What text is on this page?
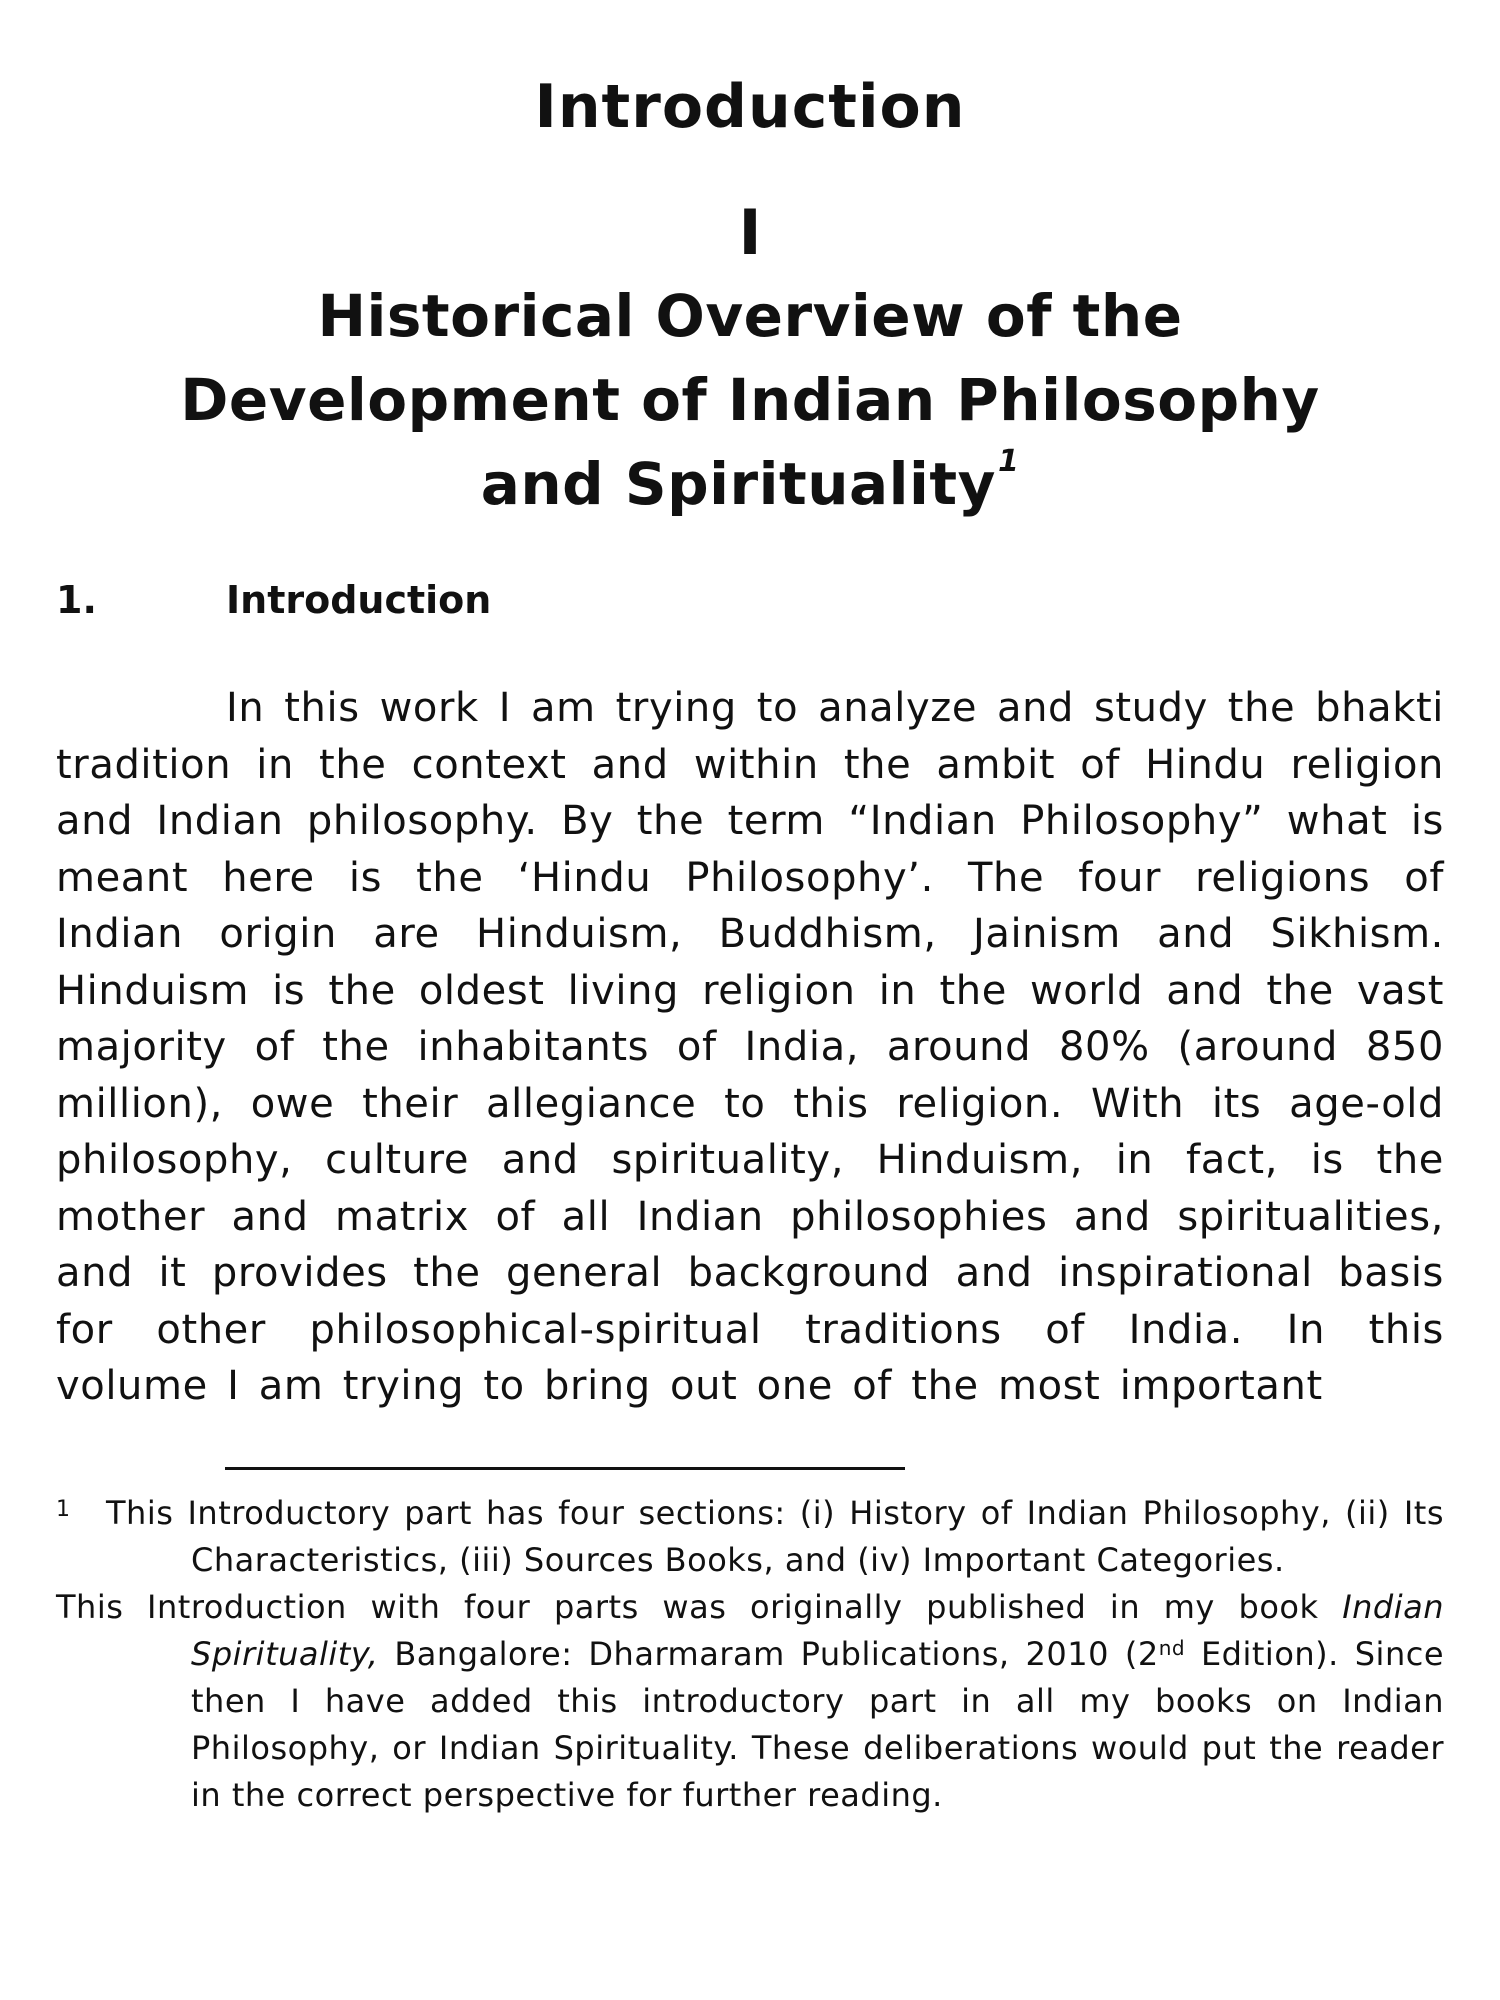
Introduction
I
Historical Overview of the
Development of Indian Philosophy
and Spirituality$^1$
1.	Introduction

In this work I am trying to analyze and study the bhakti tradition in the context and within the ambit of Hindu religion and Indian philosophy. By the term “Indian Philosophy” what is meant here is the ‘Hindu Philosophy’. The four religions of Indian origin are Hinduism, Buddhism, Jainism and Sikhism. Hinduism is the oldest living religion in the world and the vast majority of the inhabitants of India, around 80% (around 850 million), owe their allegiance to this religion. With its age-old philosophy, culture and spirituality, Hinduism, in fact, is the mother and matrix of all Indian philosophies and spiritualities, and it provides the general background and inspirational basis for other philosophical-spiritual traditions of India. In this volume I am trying to bring out one of the most important

1 This Introductory part has four sections: (i) History of Indian Philosophy, (ii) Its Characteristics, (iii) Sources Books, and (iv) Important Categories.

This Introduction with four parts was originally published in my book Indian Spirituality, Bangalore: Dharmaram Publications, 2010 (2nd Edition). Since then I have added this introductory part in all my books on Indian Philosophy, or Indian Spirituality. These deliberations would put the reader in the correct perspective for further reading.
